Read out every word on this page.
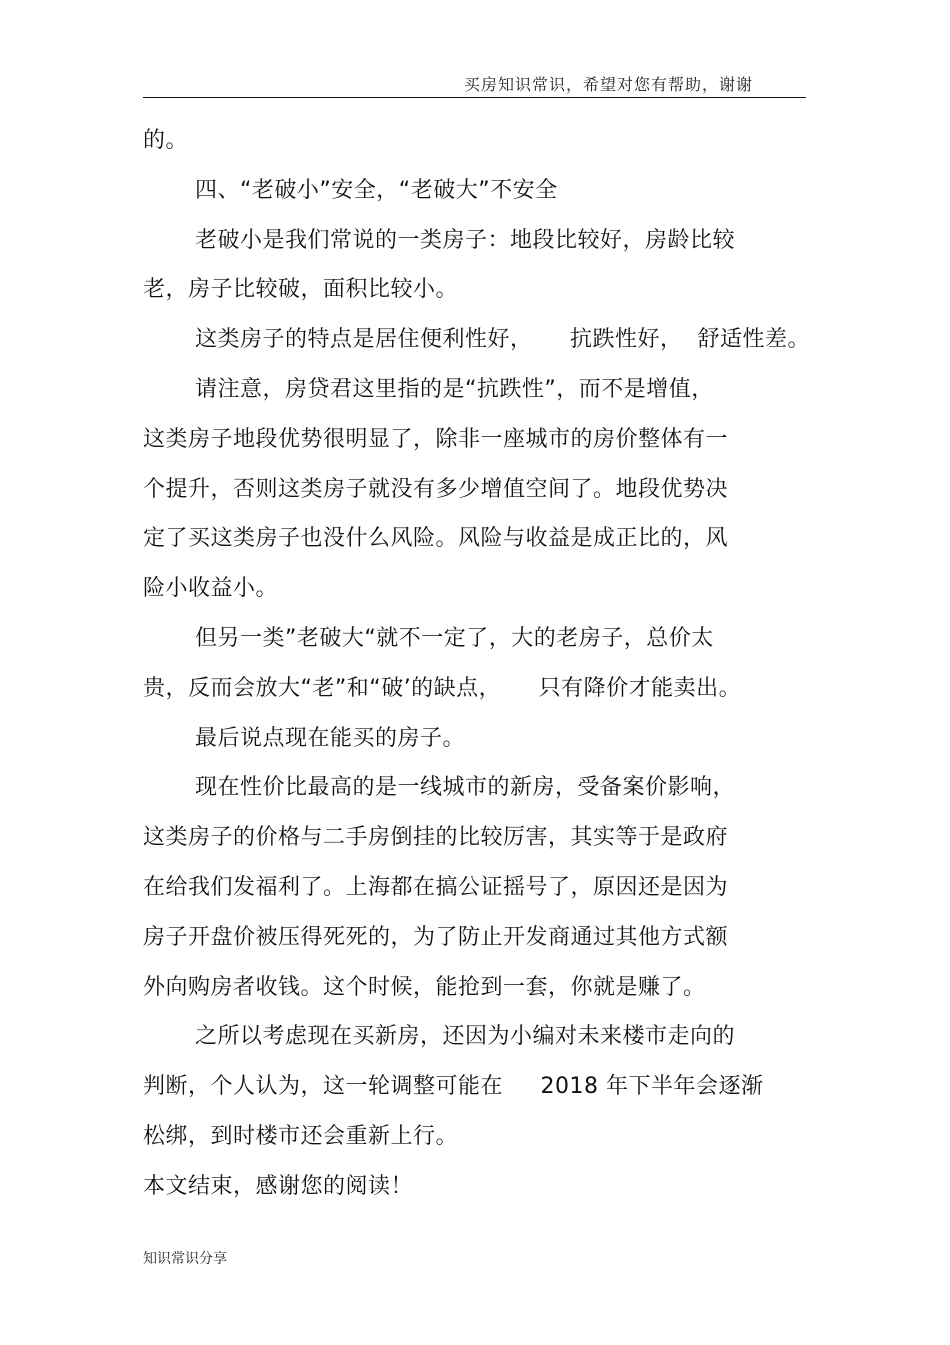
买房知识常识，希望对您有帮助，谢谢
的。
四、“老破小”安全，“老破大”不安全
老破小是我们常说的一类房子：地段比较好，房龄比较
老，房子比较破，面积比较小。
这类房子的特点是居住便利性好，     抗跌性好，  舒适性差。
请注意，房贷君这里指的是“抗跌性”，而不是增值，
这类房子地段优势很明显了，除非一座城市的房价整体有一
个提升，否则这类房子就没有多少增值空间了。地段优势决
定了买这类房子也没什么风险。风险与收益是成正比的，风
险小收益小。
但另一类”老破大“就不一定了，大的老房子，总价太
贵，反而会放大“老”和“破’的缺点，     只有降价才能卖出。
最后说点现在能买的房子。
现在性价比最高的是一线城市的新房，受备案价影响，
这类房子的价格与二手房倒挂的比较厉害，其实等于是政府
在给我们发福利了。上海都在搞公证摇号了，原因还是因为
房子开盘价被压得死死的，为了防止开发商通过其他方式额
外向购房者收钱。这个时候，能抢到一套，你就是赚了。
之所以考虑现在买新房，还因为小编对未来楼市走向的
判断，个人认为，这一轮调整可能在     2018 年下半年会逐渐
松绑，到时楼市还会重新上行。
本文结束，感谢您的阅读！
知识常识分享
